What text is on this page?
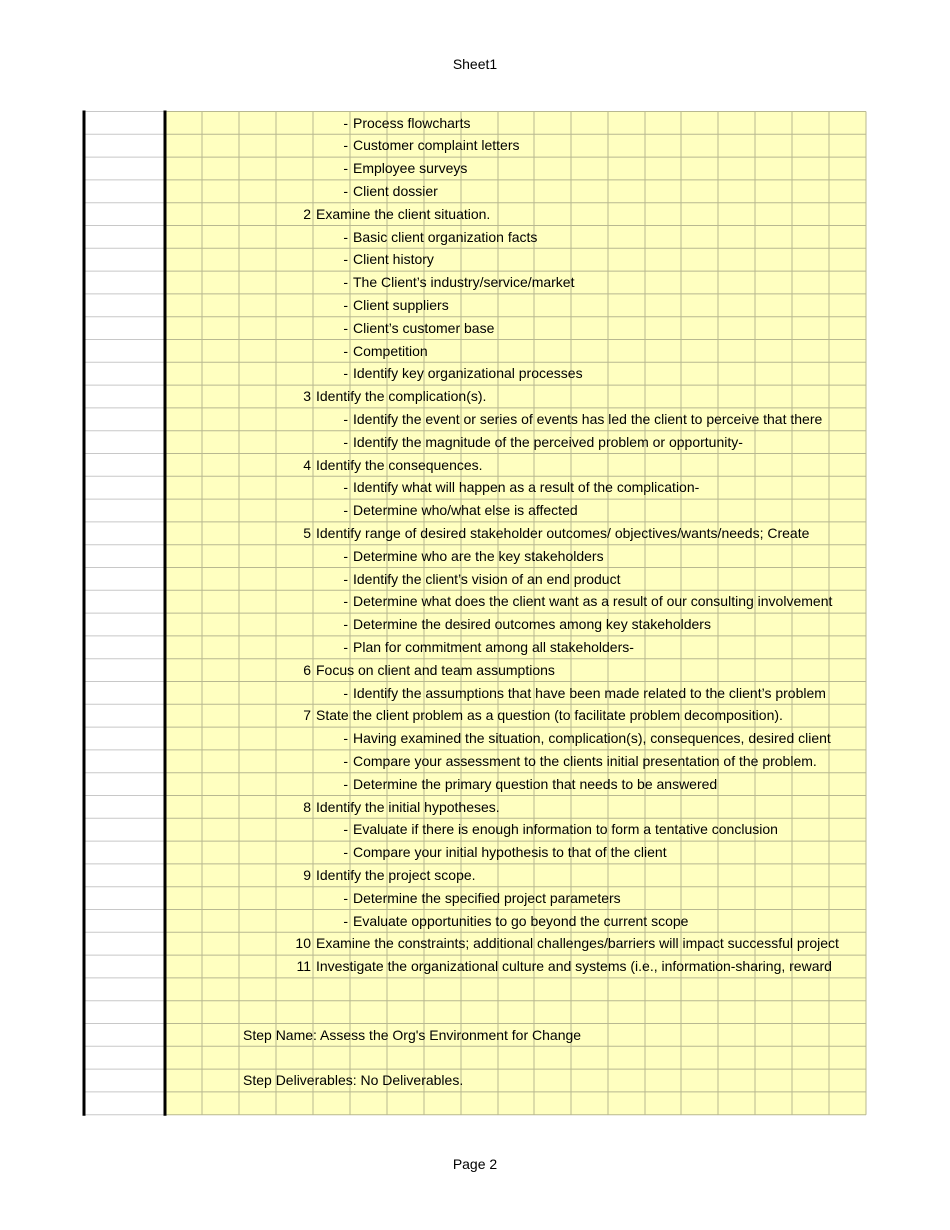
Sheet1
- Process flowcharts
- Customer complaint letters
- Employee surveys
- Client dossier
2 Examine the client situation.
- Basic client organization facts
- Client history
- The Client’s industry/service/market
- Client suppliers
- Client’s customer base
- Competition
- Identify key organizational processes
3 Identify the complication(s).
- Identify the event or series of events has led the client to perceive that there
- Identify the magnitude of the perceived problem or opportunity-
4 Identify the consequences.
- Identify what will happen as a result of the complication-
- Determine who/what else is affected
5 Identify range of desired stakeholder outcomes/ objectives/wants/needs; Create
- Determine who are the key stakeholders
- Identify the client’s vision of an end product
- Determine what does the client want as a result of our consulting involvement
- Determine the desired outcomes among key stakeholders
- Plan for commitment among all stakeholders-
6 Focus on client and team assumptions
- Identify the assumptions that have been made related to the client’s problem
7 State the client problem as a question (to facilitate problem decomposition).
- Having examined the situation, complication(s), consequences, desired client
- Compare your assessment to the clients initial presentation of the problem.
- Determine the primary question that needs to be answered
8 Identify the initial hypotheses.
- Evaluate if there is enough information to form a tentative conclusion
- Compare your initial hypothesis to that of the client
9 Identify the project scope.
- Determine the specified project parameters
- Evaluate opportunities to go beyond the current scope
10 Examine the constraints; additional challenges/barriers will impact successful project
11 Investigate the organizational culture and systems (i.e., information-sharing, reward
Step Name: Assess the Org's Environment for Change
Step Deliverables: No Deliverables.
Page 2
